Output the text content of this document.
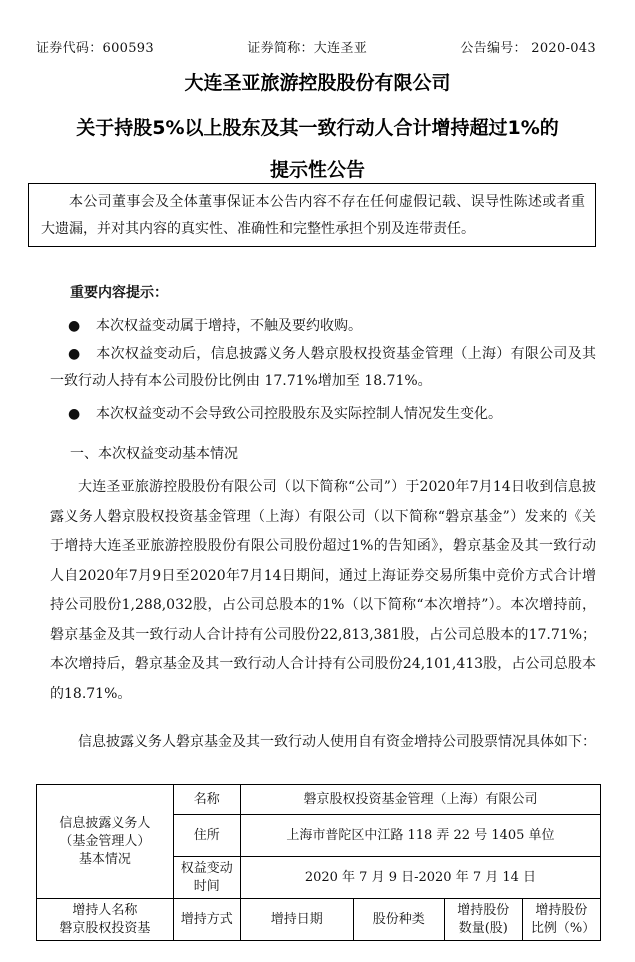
证券代码：600593	证券简称：大连圣亚	公告编号： 2020-043
大连圣亚旅游控股股份有限公司
关于持股5%以上股东及其一致行动人合计增持超过1%的
提示性公告
本公司董事会及全体董事保证本公告内容不存在任何虚假记载、误导性陈述或者重大遗漏，并对其内容的真实性、准确性和完整性承担个别及连带责任。
重要内容提示：
● 本次权益变动属于增持，不触及要约收购。
● 本次权益变动后，信息披露义务人磐京股权投资基金管理（上海）有限公司及其一致行动人持有本公司股份比例由 17.71%增加至 18.71%。
● 本次权益变动不会导致公司控股股东及实际控制人情况发生变化。
一、本次权益变动基本情况
大连圣亚旅游控股股份有限公司（以下简称“公司”）于2020年7月14日收到信息披露义务人磐京股权投资基金管理（上海）有限公司（以下简称“磐京基金”）发来的《关于增持大连圣亚旅游控股股份有限公司股份超过1%的告知函》，磐京基金及其一致行动人自2020年7月9日至2020年7月14日期间，通过上海证券交易所集中竞价方式合计增持公司股份1,288,032股，占公司总股本的1%（以下简称“本次增持”）。本次增持前，磐京基金及其一致行动人合计持有公司股份22,813,381股，占公司总股本的17.71%；本次增持后，磐京基金及其一致行动人合计持有公司股份24,101,413股，占公司总股本的18.71%。
信息披露义务人磐京基金及其一致行动人使用自有资金增持公司股票情况具体如下：
信息披露义务人（基金管理人）基本情况	名称	磐京股权投资基金管理（上海）有限公司			
	住所	上海市普陀区中江路 118 弄 22 号 1405 单位			
	权益变动时间	2020 年 7 月 9 日-2020 年 7 月 14 日			
增持人名称
磐京股权投资基	增持方式	增持日期	股份种类	增持股份数量(股)	增持股份比例（%）
